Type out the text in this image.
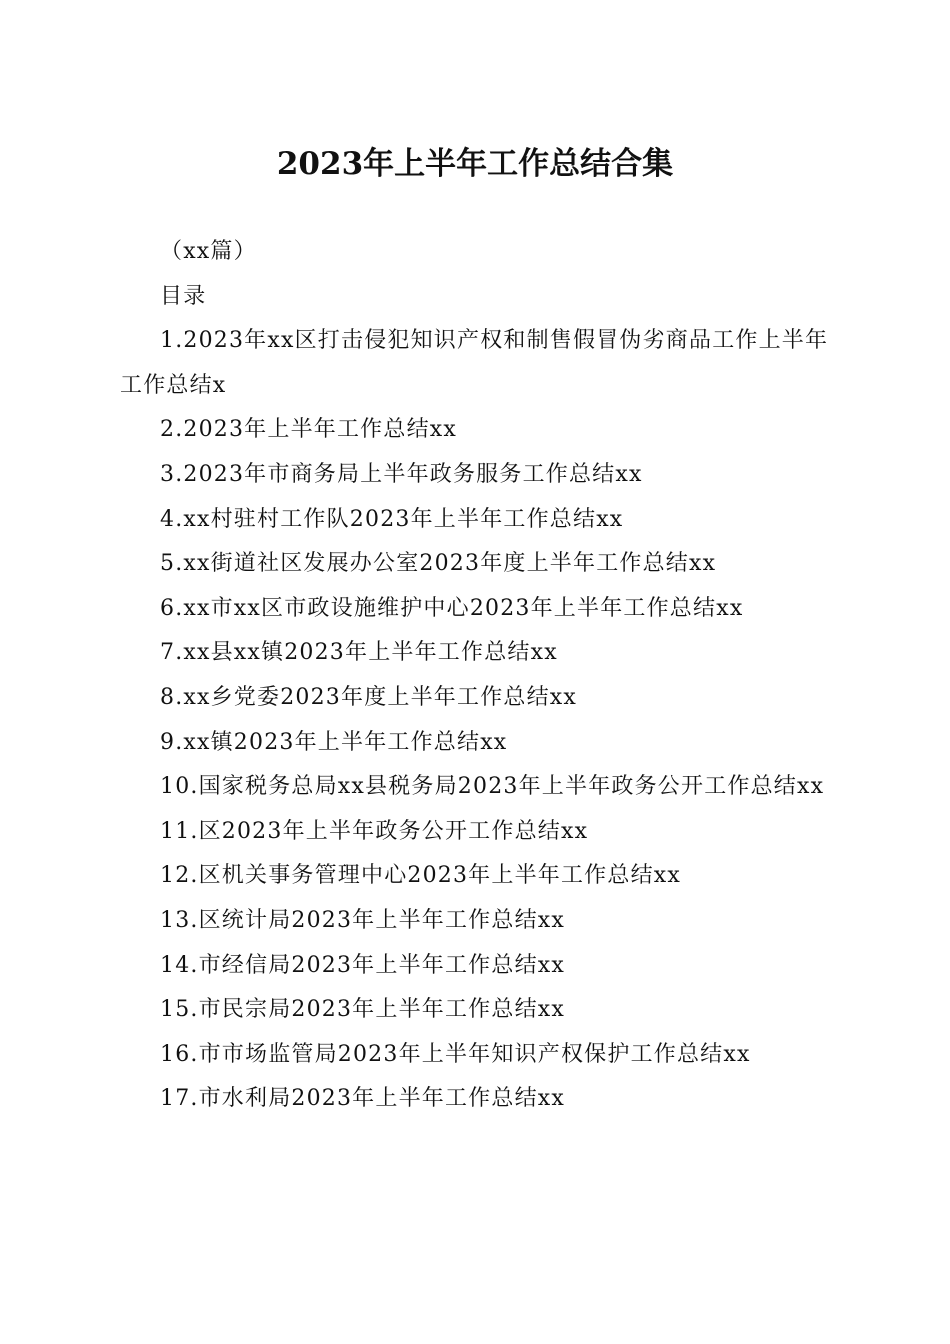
2023年上半年工作总结合集

（xx篇）

目录

1.2023年xx区打击侵犯知识产权和制售假冒伪劣商品工作上半年工作总结x

2.2023年上半年工作总结xx

3.2023年市商务局上半年政务服务工作总结xx

4.xx村驻村工作队2023年上半年工作总结xx

5.xx街道社区发展办公室2023年度上半年工作总结xx

6.xx市xx区市政设施维护中心2023年上半年工作总结xx

7.xx县xx镇2023年上半年工作总结xx

8.xx乡党委2023年度上半年工作总结xx

9.xx镇2023年上半年工作总结xx

10.国家税务总局xx县税务局2023年上半年政务公开工作总结xx

11.区2023年上半年政务公开工作总结xx

12.区机关事务管理中心2023年上半年工作总结xx

13.区统计局2023年上半年工作总结xx

14.市经信局2023年上半年工作总结xx

15.市民宗局2023年上半年工作总结xx

16.市市场监管局2023年上半年知识产权保护工作总结xx

17.市水利局2023年上半年工作总结xx
